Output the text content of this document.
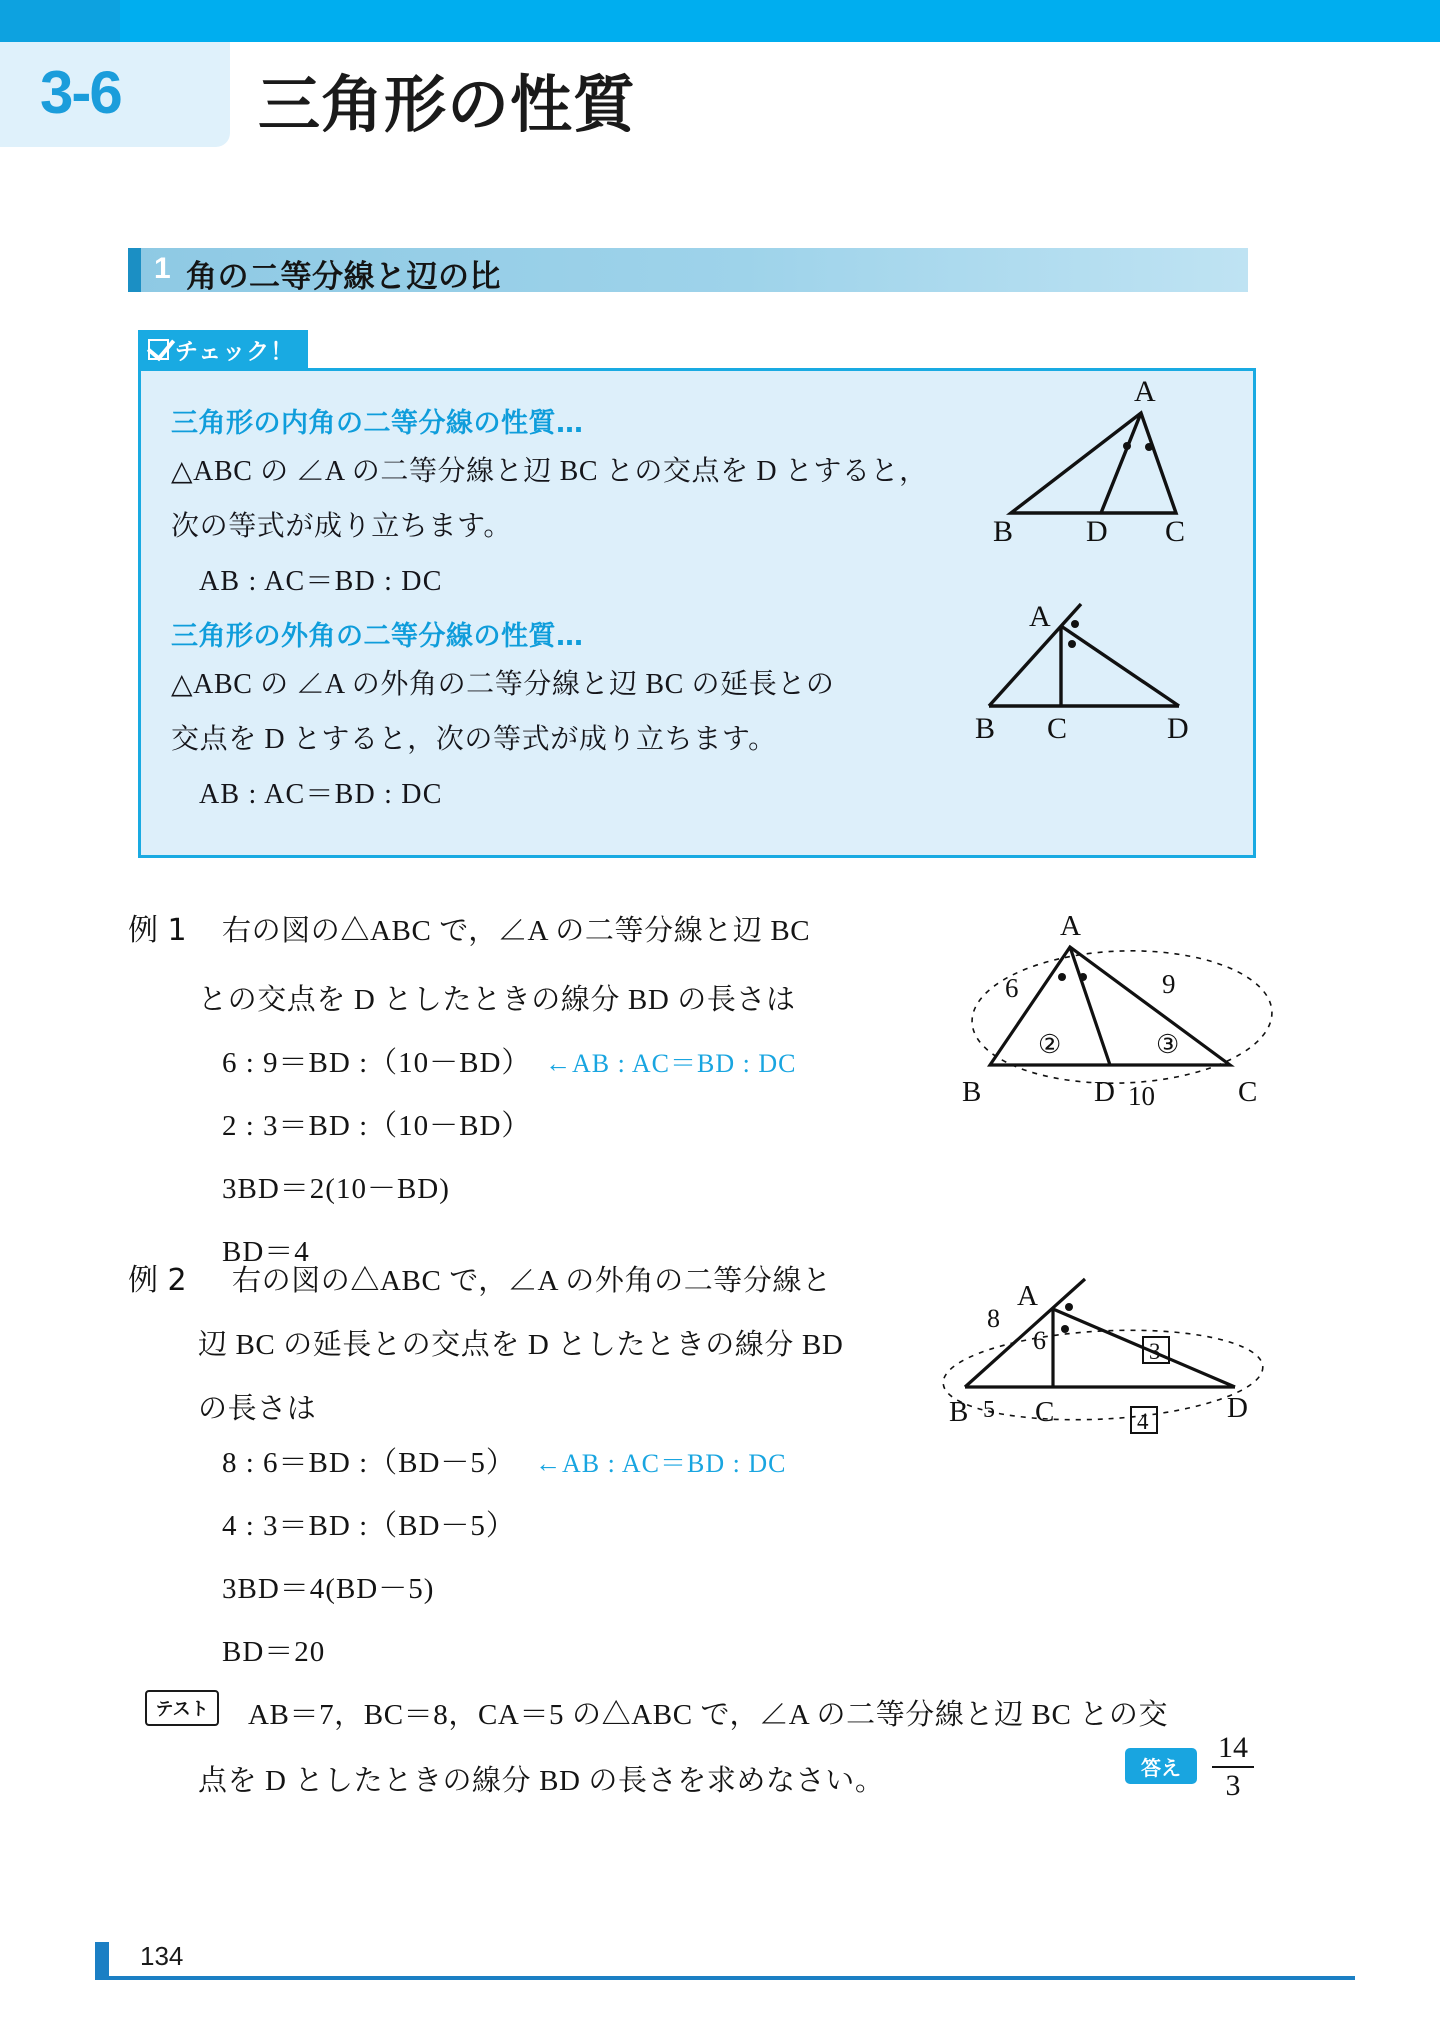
3-6 三角形の性質
1 角の二等分線と辺の比
チェック！
三角形の内角の二等分線の性質…
△ABC の ∠A の二等分線と辺 BC との交点を D とすると，
次の等式が成り立ちます。
AB : AC＝BD : DC
三角形の外角の二等分線の性質…
△ABC の ∠A の外角の二等分線と辺 BC の延長との
交点を D とすると，次の等式が成り立ちます。
AB : AC＝BD : DC
A
B D C
A
B C	D
例 1 右の図の△ABC で，∠A の二等分線と辺 BC
との交点を D としたときの線分 BD の長さは
6 : 9＝BD :（10－BD） ←AB : AC＝BD : DC
2 : 3＝BD :（10－BD）
3BD＝2(10－BD)
BD＝4
A
B	D	C
6	9
②	③
10
例 2 右の図の△ABC で，∠A の外角の二等分線と
辺 BC の延長との交点を D としたときの線分 BD
の長さは
8 : 6＝BD :（BD－5） ←AB : AC＝BD : DC
4 : 3＝BD :（BD－5）
3BD＝4(BD－5)
BD＝20
A
B C	D
8
6
5
3
4
テスト	AB＝7，BC＝8，CA＝5 の△ABC で，∠A の二等分線と辺 BC との交
点を D としたときの線分 BD の長さを求めなさい。	答え
14
3
134
